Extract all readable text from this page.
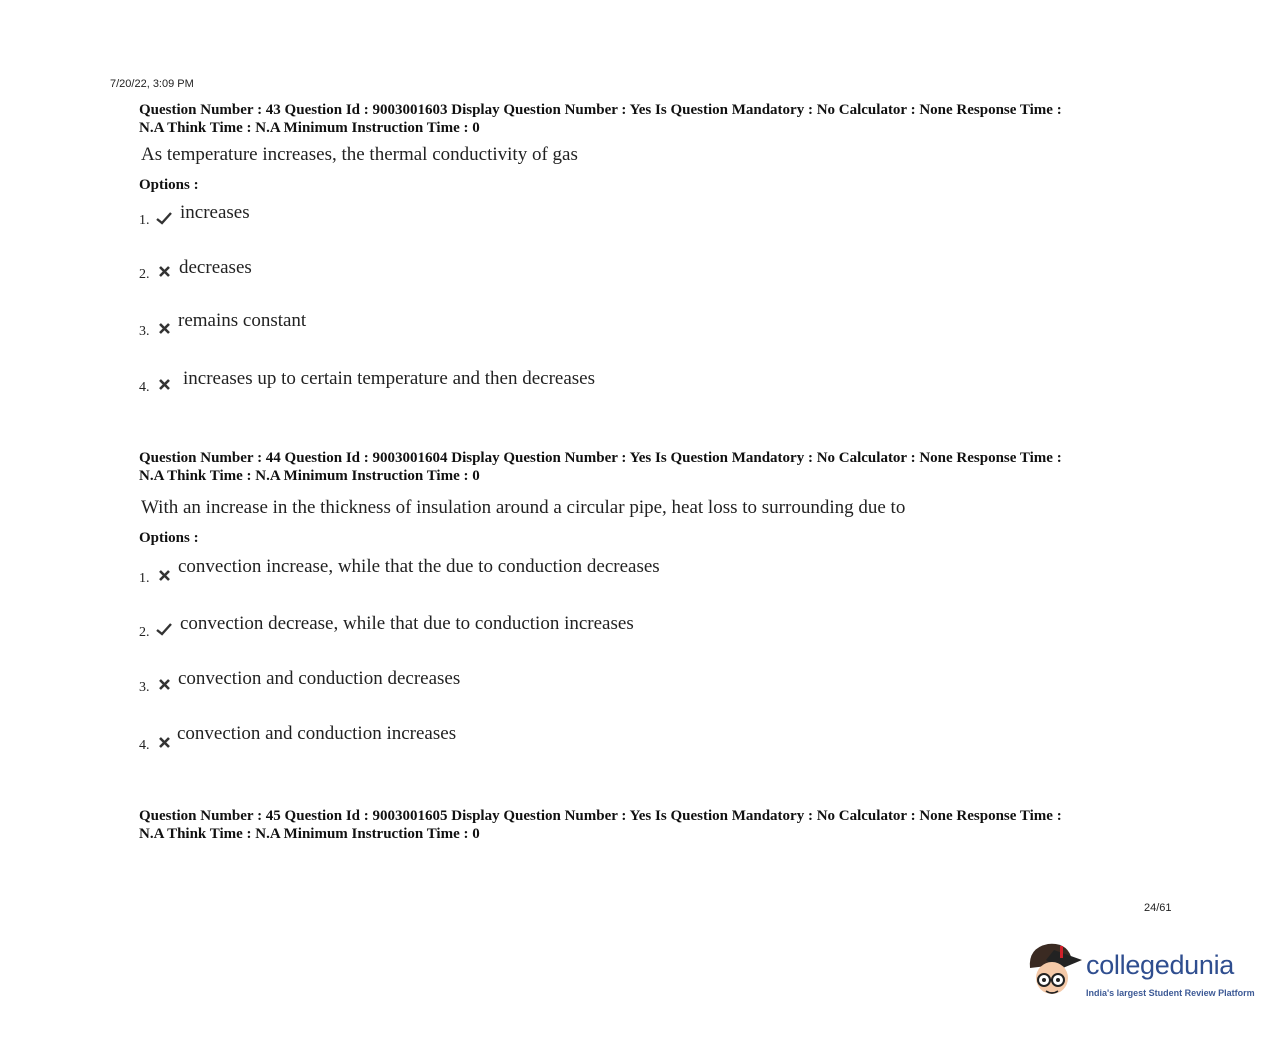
7/20/22, 3:09 PM
Question Number : 43 Question Id : 9003001603 Display Question Number : Yes Is Question Mandatory : No Calculator : None Response Time :
N.A Think Time : N.A Minimum Instruction Time : 0
As temperature increases, the thermal conductivity of gas
Options :
1. increases
2. decreases
3.
remains constant
4. increases up to certain temperature and then decreases
Question Number : 44 Question Id : 9003001604 Display Question Number : Yes Is Question Mandatory : No Calculator : None Response Time :
N.A Think Time : N.A Minimum Instruction Time : 0
With an increase in the thickness of insulation around a circular pipe, heat loss to surrounding due to
Options :
1.
convection increase, while that the due to conduction decreases
2. convection decrease, while that due to conduction increases
3. convection and conduction decreases
4.
convection and conduction increases
Question Number : 45 Question Id : 9003001605 Display Question Number : Yes Is Question Mandatory : No Calculator : None Response Time :
N.A Think Time : N.A Minimum Instruction Time : 0
24/61
collegedunia
India's largest Student Review Platform
